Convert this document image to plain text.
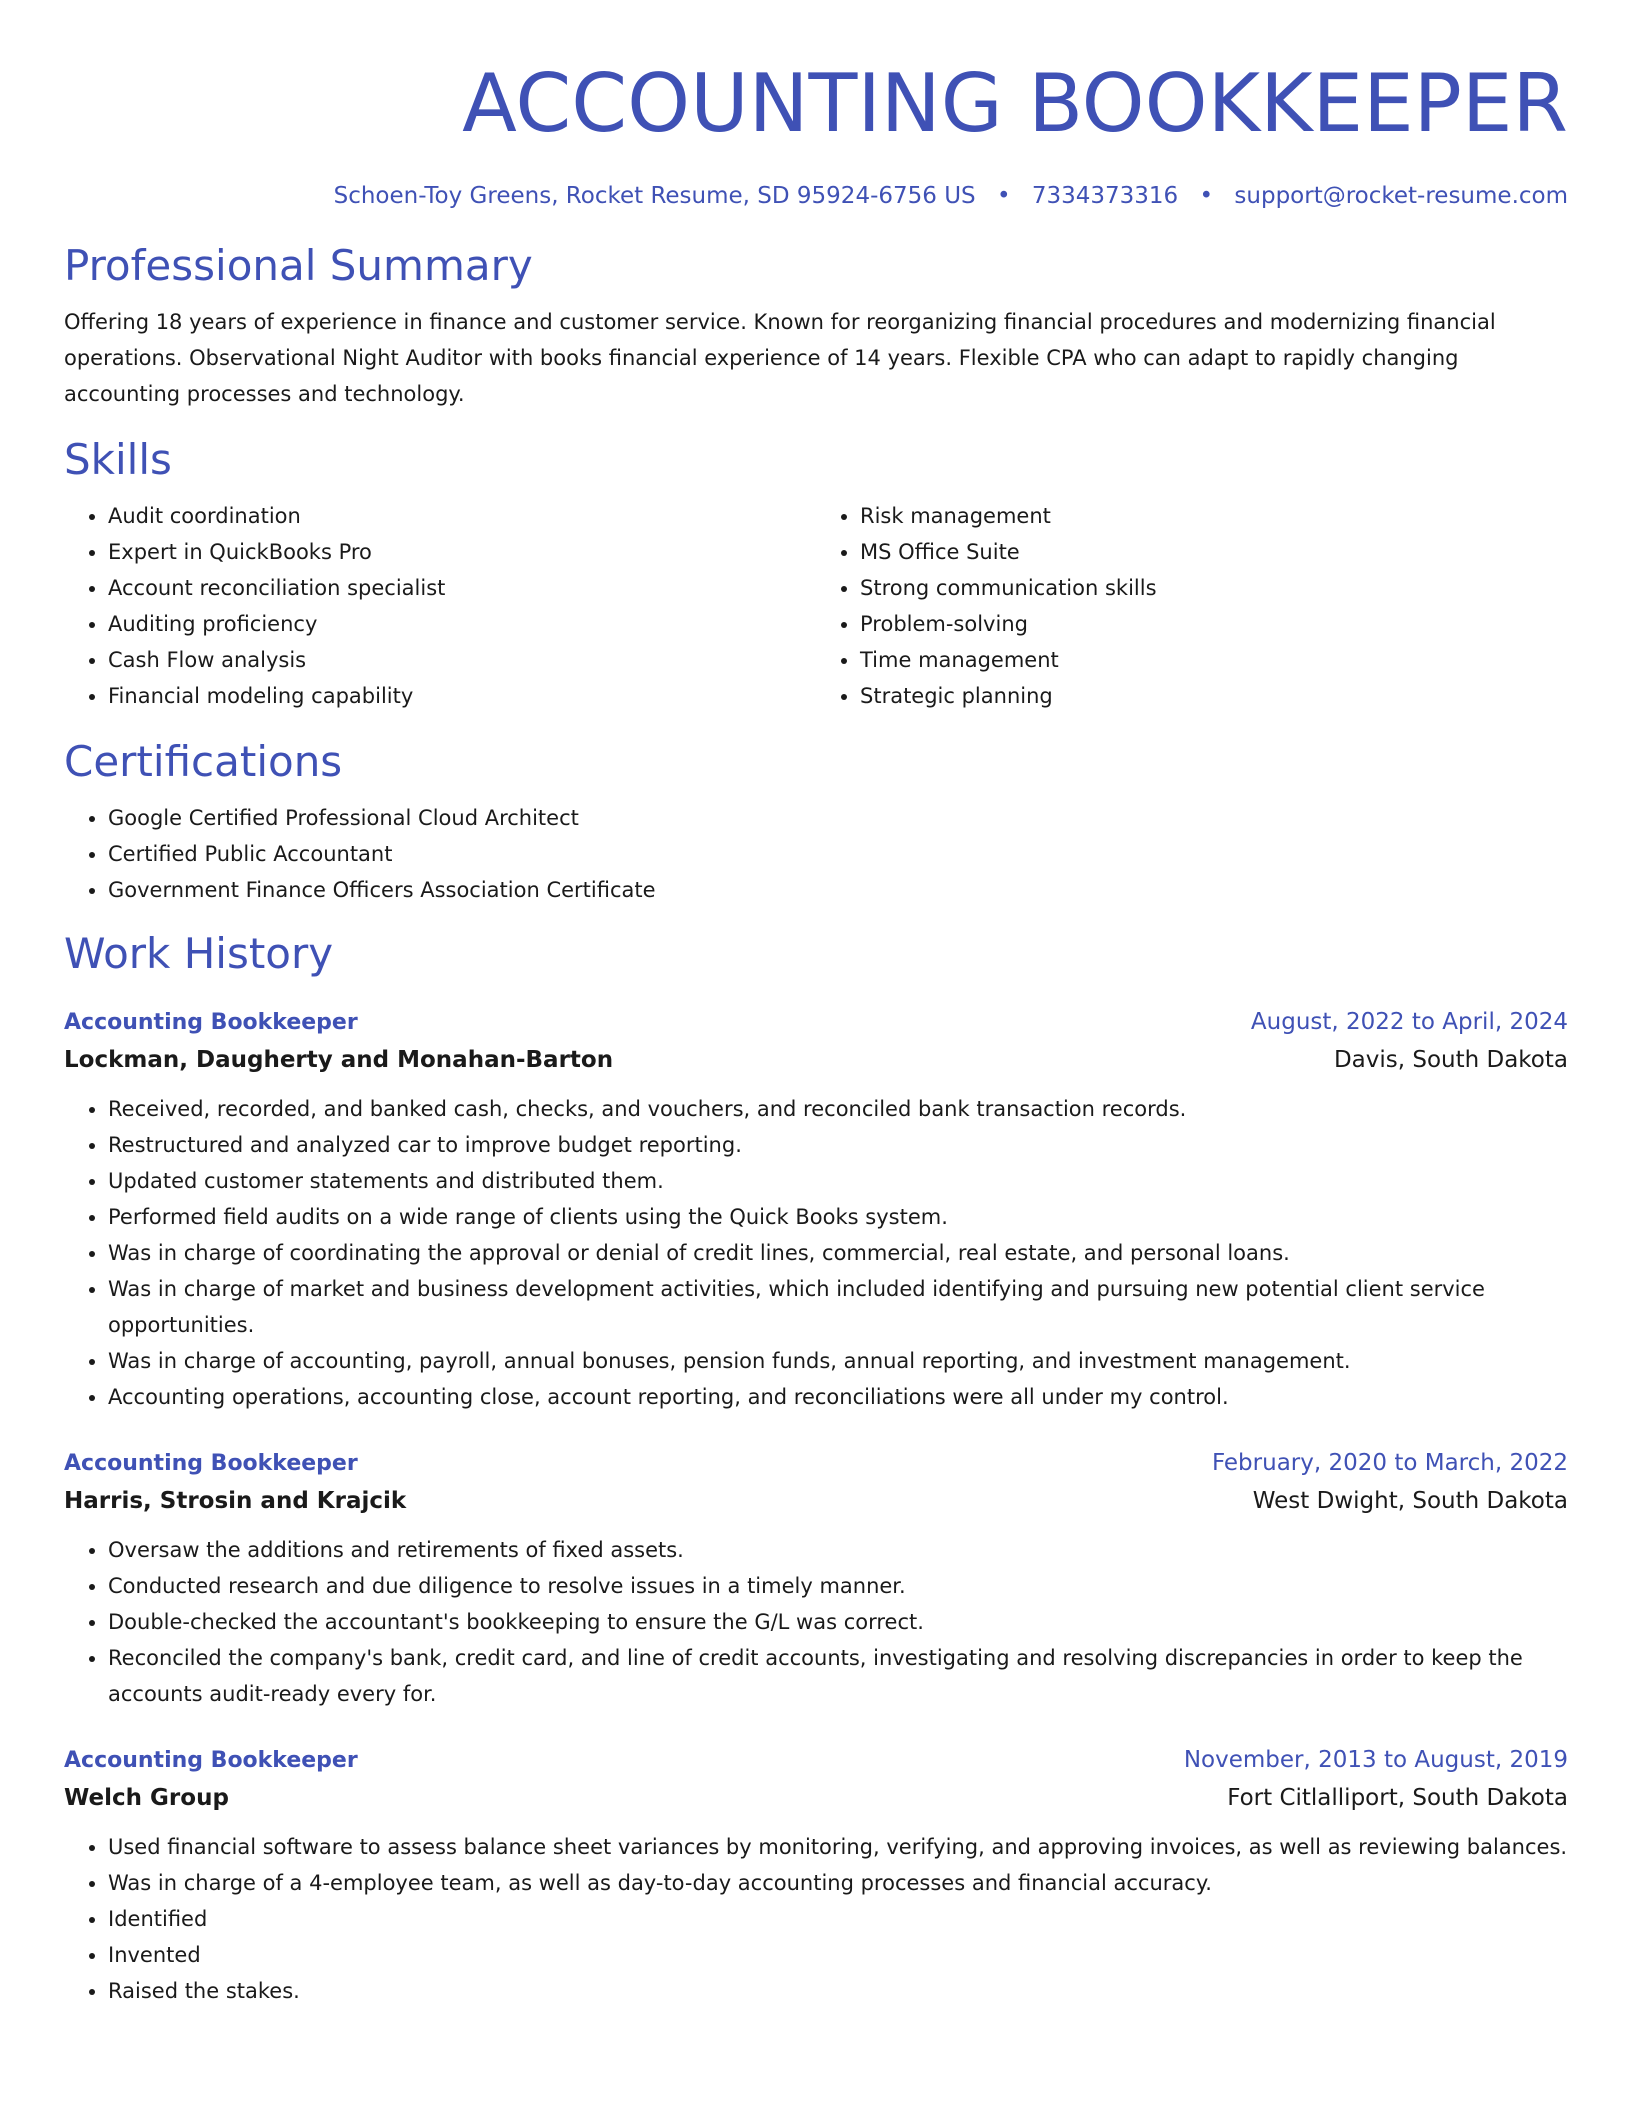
ACCOUNTING BOOKKEEPER
Schoen-Toy Greens, Rocket Resume, SD 95924-6756 US • 7334373316 • support@rocket-resume.com
Professional Summary
Offering 18 years of experience in finance and customer service. Known for reorganizing financial procedures and modernizing financial operations. Observational Night Auditor with books financial experience of 14 years. Flexible CPA who can adapt to rapidly changing accounting processes and technology.
Skills
• Audit coordination
• Expert in QuickBooks Pro
• Account reconciliation specialist
• Auditing proficiency
• Cash Flow analysis
• Financial modeling capability
• Risk management
• MS Office Suite
• Strong communication skills
• Problem-solving
• Time management
• Strategic planning
Certifications
• Google Certified Professional Cloud Architect
• Certified Public Accountant
• Government Finance Officers Association Certificate
Work History
Accounting Bookkeeper	August, 2022 to April, 2024
Lockman, Daugherty and Monahan-Barton	Davis, South Dakota
• Received, recorded, and banked cash, checks, and vouchers, and reconciled bank transaction records.
• Restructured and analyzed car to improve budget reporting.
• Updated customer statements and distributed them.
• Performed field audits on a wide range of clients using the Quick Books system.
• Was in charge of coordinating the approval or denial of credit lines, commercial, real estate, and personal loans.
• Was in charge of market and business development activities, which included identifying and pursuing new potential client service opportunities.
• Was in charge of accounting, payroll, annual bonuses, pension funds, annual reporting, and investment management.
• Accounting operations, accounting close, account reporting, and reconciliations were all under my control.
Accounting Bookkeeper	February, 2020 to March, 2022
Harris, Strosin and Krajcik	West Dwight, South Dakota
• Oversaw the additions and retirements of fixed assets.
• Conducted research and due diligence to resolve issues in a timely manner.
• Double-checked the accountant's bookkeeping to ensure the G/L was correct.
• Reconciled the company's bank, credit card, and line of credit accounts, investigating and resolving discrepancies in order to keep the accounts audit-ready every for.
Accounting Bookkeeper	November, 2013 to August, 2019
Welch Group	Fort Citlalliport, South Dakota
• Used financial software to assess balance sheet variances by monitoring, verifying, and approving invoices, as well as reviewing balances.
• Was in charge of a 4-employee team, as well as day-to-day accounting processes and financial accuracy.
• Identified
• Invented
• Raised the stakes.
